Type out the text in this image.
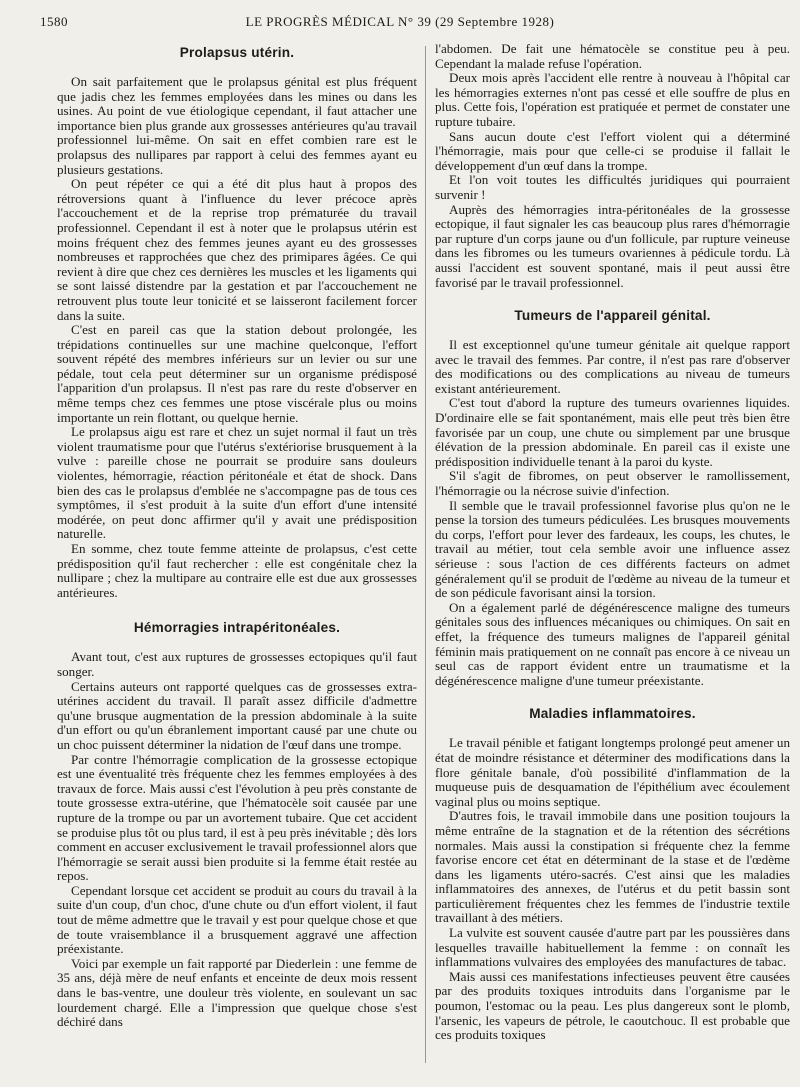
1580	LE PROGRÈS MÉDICAL N° 39 (29 Septembre 1928)
Prolapsus utérin.

On sait parfaitement que le prolapsus génital est plus fréquent que jadis chez les femmes employées dans les mines ou dans les usines. Au point de vue étiologique cependant, il faut attacher une importance bien plus grande aux grossesses antérieures qu'au travail professionnel lui-même. On sait en effet combien rare est le prolapsus des nullipares par rapport à celui des femmes ayant eu plusieurs gestations.

On peut répéter ce qui a été dit plus haut à propos des rétroversions quant à l'influence du lever précoce après l'accouchement et de la reprise trop prématurée du travail professionnel. Cependant il est à noter que le prolapsus utérin est moins fréquent chez des femmes jeunes ayant eu des grossesses nombreuses et rapprochées que chez des primipares âgées. Ce qui revient à dire que chez ces dernières les muscles et les ligaments qui se sont laissé distendre par la gestation et par l'accouchement ne retrouvent plus toute leur tonicité et se laisseront facilement forcer dans la suite.

C'est en pareil cas que la station debout prolongée, les trépidations continuelles sur une machine quelconque, l'effort souvent répété des membres inférieurs sur un levier ou sur une pédale, tout cela peut déterminer sur un organisme prédisposé l'apparition d'un prolapsus. Il n'est pas rare du reste d'observer en même temps chez ces femmes une ptose viscérale plus ou moins importante un rein flottant, ou quelque hernie.

Le prolapsus aigu est rare et chez un sujet normal il faut un très violent traumatisme pour que l'utérus s'extériorise brusquement à la vulve : pareille chose ne pourrait se produire sans douleurs violentes, hémorragie, réaction péritonéale et état de shock. Dans bien des cas le prolapsus d'emblée ne s'accompagne pas de tous ces symptômes, il s'est produit à la suite d'un effort d'une intensité modérée, on peut donc affirmer qu'il y avait une prédisposition naturelle.

En somme, chez toute femme atteinte de prolapsus, c'est cette prédisposition qu'il faut rechercher : elle est congénitale chez la nullipare ; chez la multipare au contraire elle est due aux grossesses antérieures.

Hémorragies intrapéritonéales.

Avant tout, c'est aux ruptures de grossesses ectopiques qu'il faut songer.

Certains auteurs ont rapporté quelques cas de grossesses extra-utérines accident du travail. Il paraît assez difficile d'admettre qu'une brusque augmentation de la pression abdominale à la suite d'un effort ou qu'un ébranlement important causé par une chute ou un choc puissent déterminer la nidation de l'œuf dans une trompe.

Par contre l'hémorragie complication de la grossesse ectopique est une éventualité très fréquente chez les femmes employées à des travaux de force. Mais aussi c'est l'évolution à peu près constante de toute grossesse extra-utérine, que l'hématocèle soit causée par une rupture de la trompe ou par un avortement tubaire. Que cet accident se produise plus tôt ou plus tard, il est à peu près inévitable ; dès lors comment en accuser exclusivement le travail professionnel alors que l'hémorragie se serait aussi bien produite si la femme était restée au repos.

Cependant lorsque cet accident se produit au cours du travail à la suite d'un coup, d'un choc, d'une chute ou d'un effort violent, il faut tout de même admettre que le travail y est pour quelque chose et que de toute vraisemblance il a brusquement aggravé une affection préexistante.

Voici par exemple un fait rapporté par Diederlein : une femme de 35 ans, déjà mère de neuf enfants et enceinte de deux mois ressent dans le bas-ventre, une douleur très violente, en soulevant un sac lourdement chargé. Elle a l'impression que quelque chose s'est déchiré dans

l'abdomen. De fait une hématocèle se constitue peu à peu. Cependant la malade refuse l'opération.

Deux mois après l'accident elle rentre à nouveau à l'hôpital car les hémorragies externes n'ont pas cessé et elle souffre de plus en plus. Cette fois, l'opération est pratiquée et permet de constater une rupture tubaire.

Sans aucun doute c'est l'effort violent qui a déterminé l'hémorragie, mais pour que celle-ci se produise il fallait le développement d'un œuf dans la trompe.

Et l'on voit toutes les difficultés juridiques qui pourraient survenir !

Auprès des hémorragies intra-péritonéales de la grossesse ectopique, il faut signaler les cas beaucoup plus rares d'hémorragie par rupture d'un corps jaune ou d'un follicule, par rupture veineuse dans les fibromes ou les tumeurs ovariennes à pédicule tordu. Là aussi l'accident est souvent spontané, mais il peut aussi être favorisé par le travail professionnel.

Tumeurs de l'appareil génital.

Il est exceptionnel qu'une tumeur génitale ait quelque rapport avec le travail des femmes. Par contre, il n'est pas rare d'observer des modifications ou des complications au niveau de tumeurs existant antérieurement.

C'est tout d'abord la rupture des tumeurs ovariennes liquides. D'ordinaire elle se fait spontanément, mais elle peut très bien être favorisée par un coup, une chute ou simplement par une brusque élévation de la pression abdominale. En pareil cas il existe une prédisposition individuelle tenant à la paroi du kyste.

S'il s'agit de fibromes, on peut observer le ramollissement, l'hémorragie ou la nécrose suivie d'infection.

Il semble que le travail professionnel favorise plus qu'on ne le pense la torsion des tumeurs pédiculées. Les brusques mouvements du corps, l'effort pour lever des fardeaux, les coups, les chutes, le travail au métier, tout cela semble avoir une influence assez sérieuse : sous l'action de ces différents facteurs on admet généralement qu'il se produit de l'œdème au niveau de la tumeur et de son pédicule favorisant ainsi la torsion.

On a également parlé de dégénérescence maligne des tumeurs génitales sous des influences mécaniques ou chimiques. On sait en effet, la fréquence des tumeurs malignes de l'appareil génital féminin mais pratiquement on ne connaît pas encore à ce niveau un seul cas de rapport évident entre un traumatisme et la dégénérescence maligne d'une tumeur préexistante.

Maladies inflammatoires.

Le travail pénible et fatigant longtemps prolongé peut amener un état de moindre résistance et déterminer des modifications dans la flore génitale banale, d'où possibilité d'inflammation de la muqueuse puis de desquamation de l'épithélium avec écoulement vaginal plus ou moins septique.

D'autres fois, le travail immobile dans une position toujours la même entraîne de la stagnation et de la rétention des sécrétions normales. Mais aussi la constipation si fréquente chez la femme favorise encore cet état en déterminant de la stase et de l'œdème dans les ligaments utéro-sacrés. C'est ainsi que les maladies inflammatoires des annexes, de l'utérus et du petit bassin sont particulièrement fréquentes chez les femmes de l'industrie textile travaillant à des métiers.

La vulvite est souvent causée d'autre part par les poussières dans lesquelles travaille habituellement la femme : on connaît les inflammations vulvaires des employées des manufactures de tabac.

Mais aussi ces manifestations infectieuses peuvent être causées par des produits toxiques introduits dans l'organisme par le poumon, l'estomac ou la peau. Les plus dangereux sont le plomb, l'arsenic, les vapeurs de pétrole, le caoutchouc. Il est probable que ces produits toxiques
